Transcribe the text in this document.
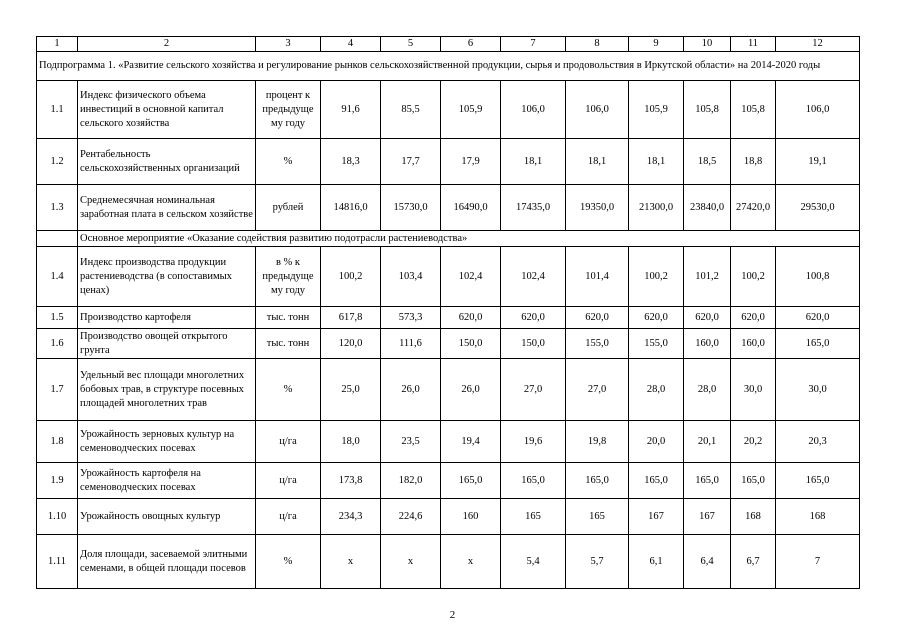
1	2	3	4	5	6	7	8	9	10	11	12
Подпрограмма 1. «Развитие сельского хозяйства и регулирование рынков сельскохозяйственной продукции, сырья и продовольствия в Иркутской области» на 2014-2020 годы											
1.1	Индекс физического объема инвестиций в основной капитал сельского хозяйства	процент к предыдуще му году	91,6	85,5	105,9	106,0	106,0	105,9	105,8	105,8	106,0
1.2	Рентабельность сельскохозяйственных организаций	%	18,3	17,7	17,9	18,1	18,1	18,1	18,5	18,8	19,1
1.3	Среднемесячная номинальная заработная плата в сельском хозяйстве	рублей	14816,0	15730,0	16490,0	17435,0	19350,0	21300,0	23840,0	27420,0	29530,0
	Основное мероприятие «Оказание содействия развитию подотрасли растениеводства»										
1.4	Индекс производства продукции растениеводства (в сопоставимых ценах)	в % к предыдуще му году	100,2	103,4	102,4	102,4	101,4	100,2	101,2	100,2	100,8
1.5	Производство картофеля	тыс. тонн	617,8	573,3	620,0	620,0	620,0	620,0	620,0	620,0	620,0
1.6	Производство овощей открытого грунта	тыс. тонн	120,0	111,6	150,0	150,0	155,0	155,0	160,0	160,0	165,0
1.7	Удельный вес площади многолетних бобовых трав, в структуре посевных площадей многолетних трав	%	25,0	26,0	26,0	27,0	27,0	28,0	28,0	30,0	30,0
1.8	Урожайность зерновых культур на семеноводческих посевах	ц/га	18,0	23,5	19,4	19,6	19,8	20,0	20,1	20,2	20,3
1.9	Урожайность картофеля на семеноводческих посевах	ц/га	173,8	182,0	165,0	165,0	165,0	165,0	165,0	165,0	165,0
1.10	Урожайность овощных культур	ц/га	234,3	224,6	160	165	165	167	167	168	168
1.11	Доля площади, засеваемой элитными семенами, в общей площади посевов	%	x	x	x	5,4	5,7	6,1	6,4	6,7	7
2
